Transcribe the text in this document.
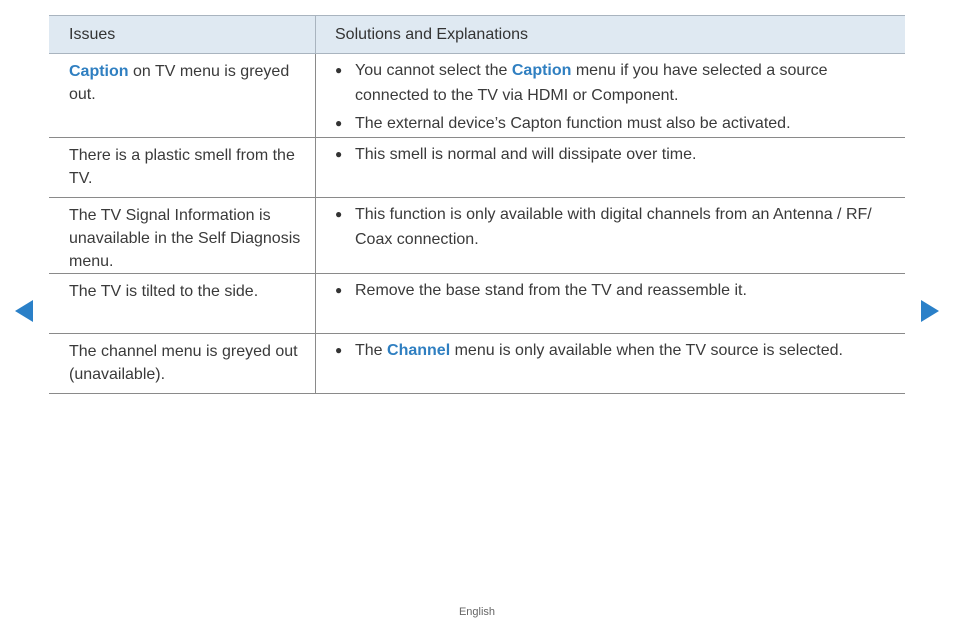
Issues	Solutions and Explanations
Caption on TV menu is greyed out.
● You cannot select the Caption menu if you have selected a source connected to the TV via HDMI or Component.
● The external device’s Capton function must also be activated.
There is a plastic smell from the TV.
● This smell is normal and will dissipate over time.
The TV Signal Information is unavailable in the Self Diagnosis menu.
● This function is only available with digital channels from an Antenna / RF/ Coax connection.
The TV is tilted to the side.	● Remove the base stand from the TV and reassemble it.
The channel menu is greyed out (unavailable).
● The Channel menu is only available when the TV source is selected.
English
